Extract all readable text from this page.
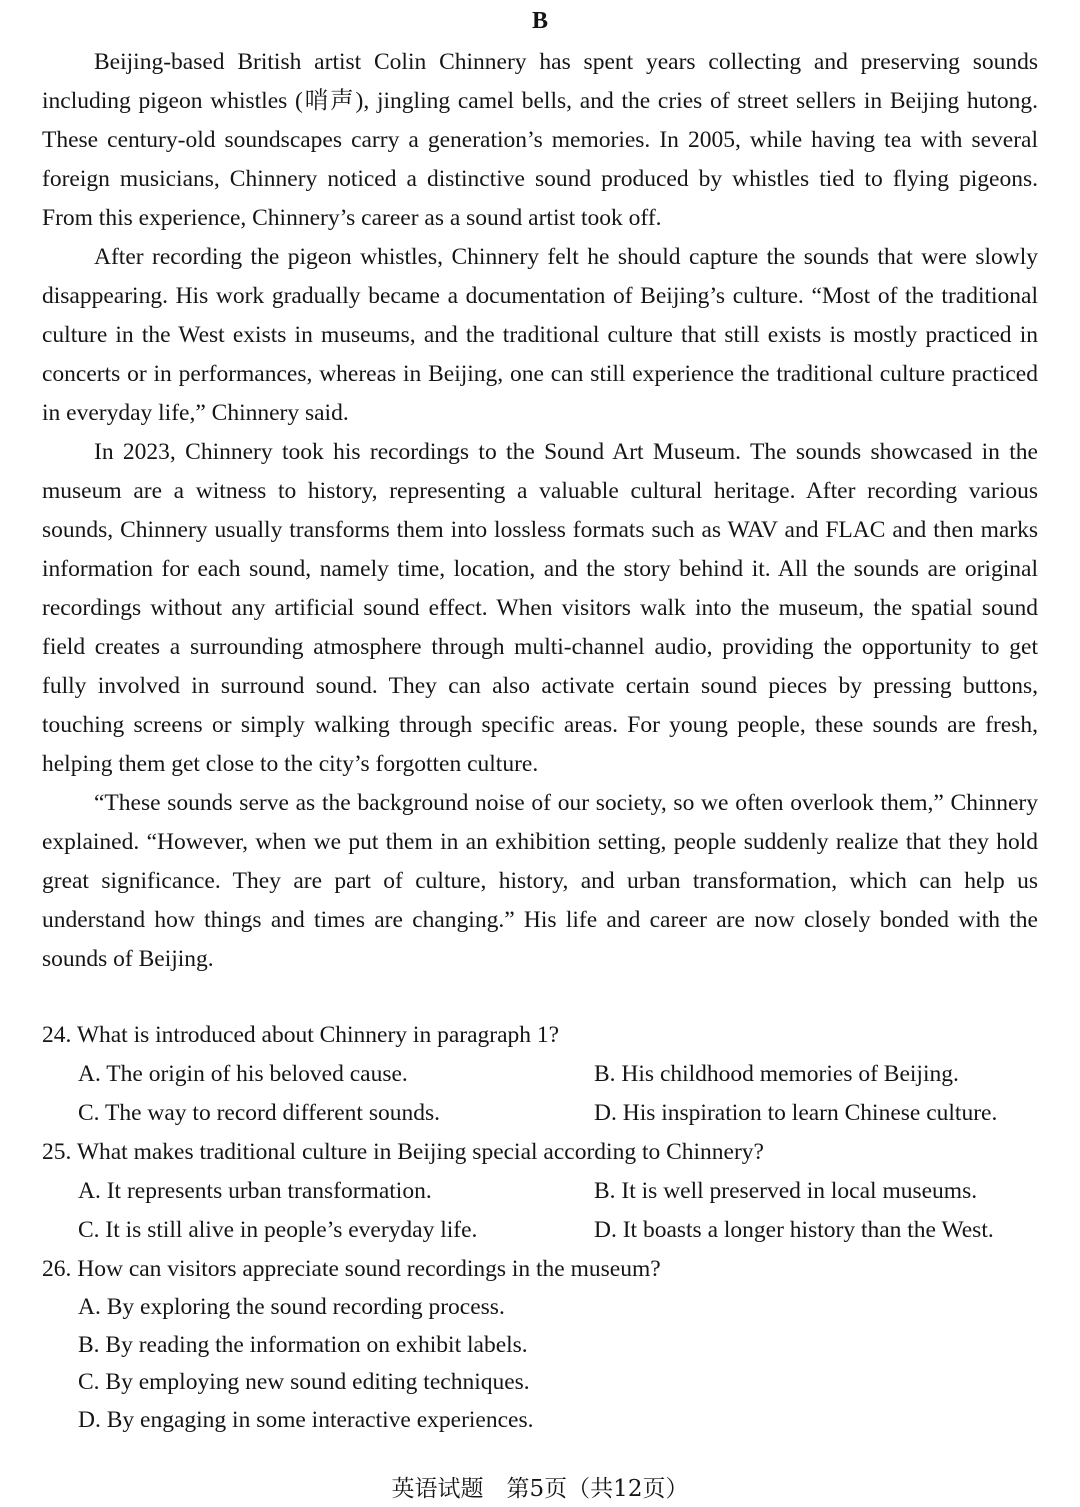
B

Beijing-based British artist Colin Chinnery has spent years collecting and preserving sounds including pigeon whistles (哨声), jingling camel bells, and the cries of street sellers in Beijing hutong. These century-old soundscapes carry a generation’s memories. In 2005, while having tea with several foreign musicians, Chinnery noticed a distinctive sound produced by whistles tied to flying pigeons. From this experience, Chinnery’s career as a sound artist took off.

After recording the pigeon whistles, Chinnery felt he should capture the sounds that were slowly disappearing. His work gradually became a documentation of Beijing’s culture. “Most of the traditional culture in the West exists in museums, and the traditional culture that still exists is mostly practiced in concerts or in performances, whereas in Beijing, one can still experience the traditional culture practiced in everyday life,” Chinnery said.

In 2023, Chinnery took his recordings to the Sound Art Museum. The sounds showcased in the museum are a witness to history, representing a valuable cultural heritage. After recording various sounds, Chinnery usually transforms them into lossless formats such as WAV and FLAC and then marks information for each sound, namely time, location, and the story behind it. All the sounds are original recordings without any artificial sound effect. When visitors walk into the museum, the spatial sound field creates a surrounding atmosphere through multi-channel audio, providing the opportunity to get fully involved in surround sound. They can also activate certain sound pieces by pressing buttons, touching screens or simply walking through specific areas. For young people, these sounds are fresh, helping them get close to the city’s forgotten culture.

“These sounds serve as the background noise of our society, so we often overlook them,” Chinnery explained. “However, when we put them in an exhibition setting, people suddenly realize that they hold great significance. They are part of culture, history, and urban transformation, which can help us understand how things and times are changing.” His life and career are now closely bonded with the sounds of Beijing.

24. What is introduced about Chinnery in paragraph 1?
A. The origin of his beloved cause.	B. His childhood memories of Beijing.
C. The way to record different sounds.	D. His inspiration to learn Chinese culture.
25. What makes traditional culture in Beijing special according to Chinnery?
A. It represents urban transformation.	B. It is well preserved in local museums.
C. It is still alive in people’s everyday life.	D. It boasts a longer history than the West.
26. How can visitors appreciate sound recordings in the museum?
A. By exploring the sound recording process.
B. By reading the information on exhibit labels.
C. By employing new sound editing techniques.
D. By engaging in some interactive experiences.
英语试题　第5页（共12页）
